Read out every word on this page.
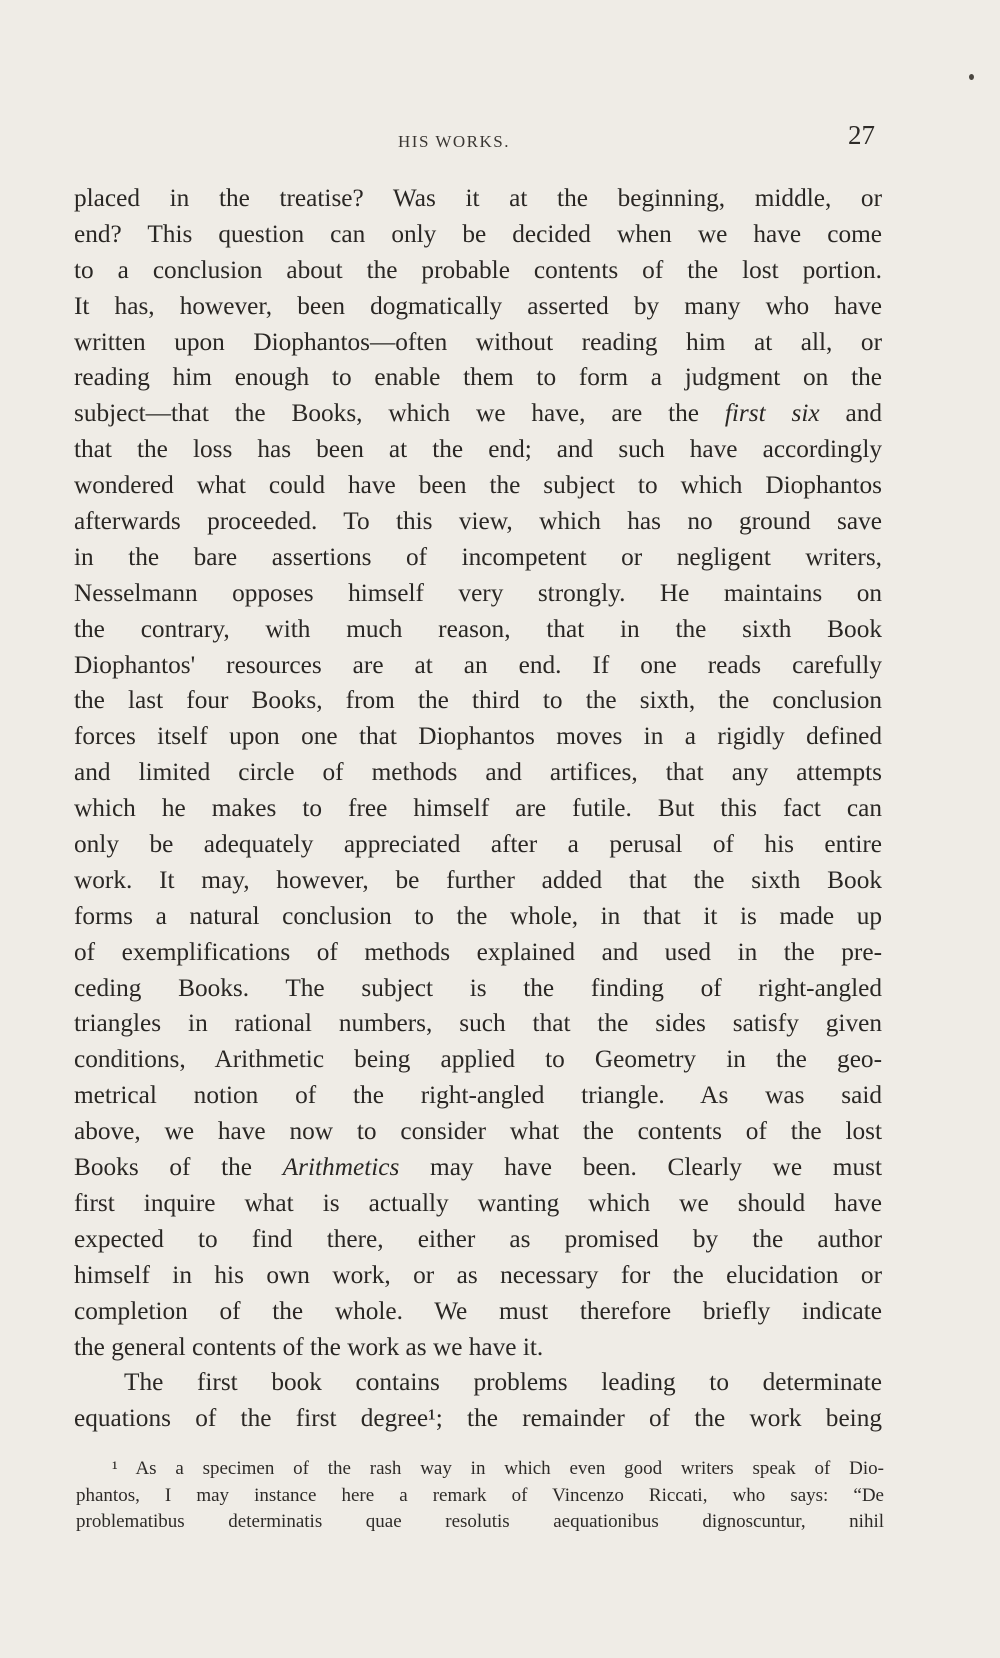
HIS WORKS.	27
placed in the treatise? Was it at the beginning, middle, or
end? This question can only be decided when we have come
to a conclusion about the probable contents of the lost portion.
It has, however, been dogmatically asserted by many who have
written upon Diophantos—often without reading him at all, or
reading him enough to enable them to form a judgment on the
subject—that the Books, which we have, are the first six and
that the loss has been at the end; and such have accordingly
wondered what could have been the subject to which Diophantos
afterwards proceeded. To this view, which has no ground save
in the bare assertions of incompetent or negligent writers,
Nesselmann opposes himself very strongly. He maintains on
the contrary, with much reason, that in the sixth Book
Diophantos' resources are at an end. If one reads carefully
the last four Books, from the third to the sixth, the conclusion
forces itself upon one that Diophantos moves in a rigidly defined
and limited circle of methods and artifices, that any attempts
which he makes to free himself are futile. But this fact can
only be adequately appreciated after a perusal of his entire
work. It may, however, be further added that the sixth Book
forms a natural conclusion to the whole, in that it is made up
of exemplifications of methods explained and used in the pre-
ceding Books. The subject is the finding of right-angled
triangles in rational numbers, such that the sides satisfy given
conditions, Arithmetic being applied to Geometry in the geo-
metrical notion of the right-angled triangle. As was said
above, we have now to consider what the contents of the lost
Books of the Arithmetics may have been. Clearly we must
first inquire what is actually wanting which we should have
expected to find there, either as promised by the author
himself in his own work, or as necessary for the elucidation or
completion of the whole. We must therefore briefly indicate
the general contents of the work as we have it.
The first book contains problems leading to determinate
equations of the first degree¹; the remainder of the work being
¹ As a specimen of the rash way in which even good writers speak of Dio-
phantos, I may instance here a remark of Vincenzo Riccati, who says: “De
problematibus determinatis quae resolutis aequationibus dignoscuntur, nihil
